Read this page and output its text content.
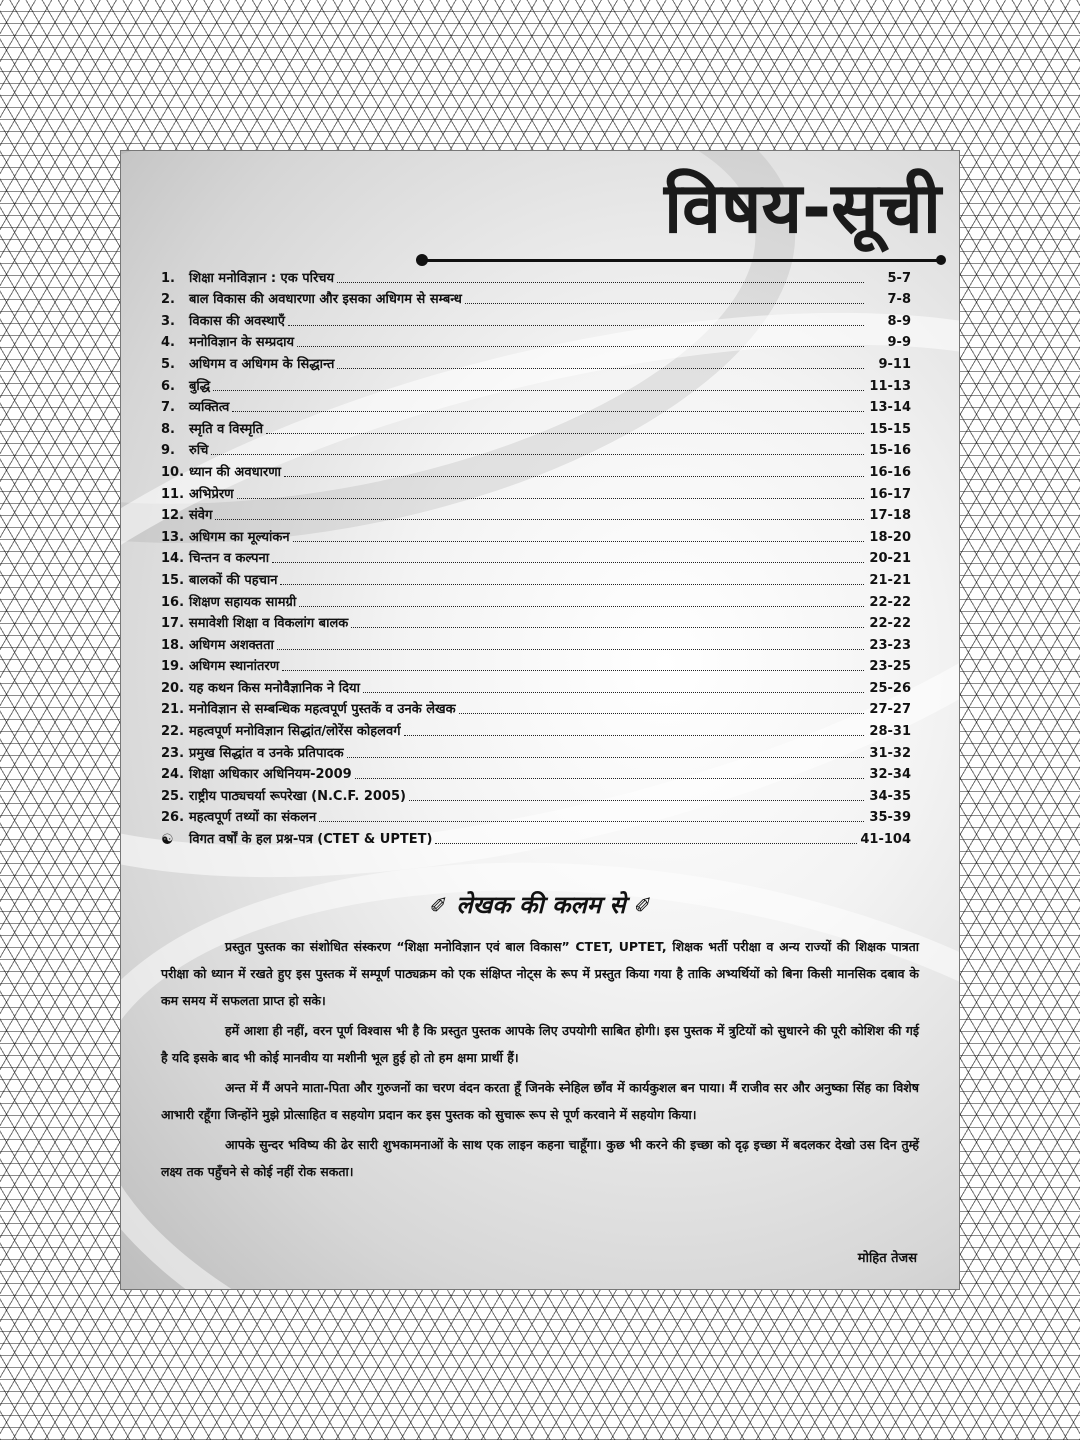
विषय-सूची
1.	शिक्षा मनोविज्ञान : एक परिचय	5-7
2.	बाल विकास की अवधारणा और इसका अधिगम से सम्बन्ध	7-8
3.	विकास की अवस्थाएँ	8-9
4.	मनोविज्ञान के सम्प्रदाय	9-9
5.	अधिगम व अधिगम के सिद्धान्त	9-11
6.	बुद्धि	11-13
7.	व्यक्तित्व	13-14
8.	स्मृति व विस्मृति	15-15
9.	रुचि	15-16
10. ध्यान की अवधारणा	16-16
11. अभिप्रेरण	16-17
12. संवेग	17-18
13. अधिगम का मूल्यांकन	18-20
14. चिन्तन व कल्पना	20-21
15. बालकों की पहचान	21-21
16. शिक्षण सहायक सामग्री	22-22
17. समावेशी शिक्षा व विकलांग बालक	22-22
18. अधिगम अशक्तता	23-23
19. अधिगम स्थानांतरण	23-25
20. यह कथन किस मनोवैज्ञानिक ने दिया	25-26
21. मनोविज्ञान से सम्बन्धिक महत्वपूर्ण पुस्तकें व उनके लेखक	27-27
22. महत्वपूर्ण मनोविज्ञान सिद्धांत/लोरेंस कोहलवर्ग	28-31
23. प्रमुख सिद्धांत व उनके प्रतिपादक	31-32
24. शिक्षा अधिकार अधिनियम-2009	32-34
25. राष्ट्रीय पाठ्यचर्या रूपरेखा (N.C.F. 2005)	34-35
26. महत्वपूर्ण तथ्यों का संकलन	35-39
☯	विगत वर्षों के हल प्रश्न-पत्र (CTET & UPTET)	41-104
✐ लेखक की कलम से ✐

प्रस्तुत पुस्तक का संशोधित संस्करण “शिक्षा मनोविज्ञान एवं बाल विकास” CTET, UPTET, शिक्षक भर्ती परीक्षा व अन्य राज्यों की शिक्षक पात्रता परीक्षा को ध्यान में रखते हुए इस पुस्तक में सम्पूर्ण पाठ्यक्रम को एक संक्षिप्त नोट्स के रूप में प्रस्तुत किया गया है ताकि अभ्यर्थियों को बिना किसी मानसिक दबाव के कम समय में सफलता प्राप्त हो सके।

हमें आशा ही नहीं, वरन पूर्ण विश्वास भी है कि प्रस्तुत पुस्तक आपके लिए उपयोगी साबित होगी। इस पुस्तक में त्रुटियों को सुधारने की पूरी कोशिश की गई है यदि इसके बाद भी कोई मानवीय या मशीनी भूल हुई हो तो हम क्षमा प्रार्थी हैं।

अन्त में मैं अपने माता-पिता और गुरुजनों का चरण वंदन करता हूँ जिनके स्नेहिल छाँव में कार्यकुशल बन पाया। मैं राजीव सर और अनुष्का सिंह का विशेष आभारी रहूँगा जिन्होंने मुझे प्रोत्साहित व सहयोग प्रदान कर इस पुस्तक को सुचारू रूप से पूर्ण करवाने में सहयोग किया।

आपके सुन्दर भविष्य की ढेर सारी शुभकामनाओं के साथ एक लाइन कहना चाहूँगा। कुछ भी करने की इच्छा को दृढ़ इच्छा में बदलकर देखो उस दिन तुम्हें लक्ष्य तक पहुँचने से कोई नहीं रोक सकता।

मोहित तेजस
